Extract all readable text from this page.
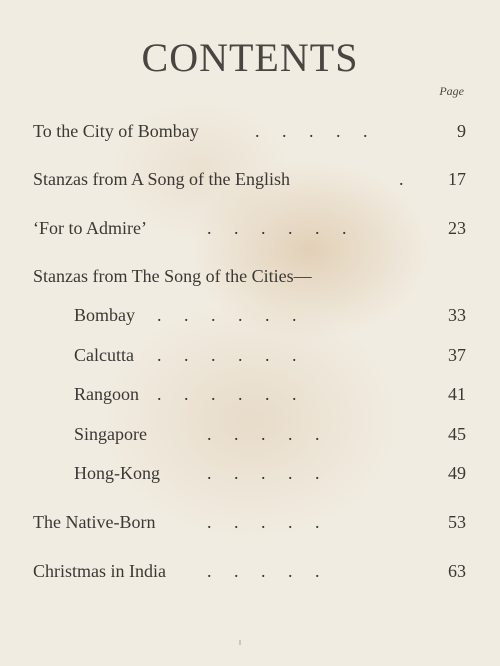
CONTENTS
Page
To the City of Bombay	.     .     .     .     .	9
Stanzas from A Song of the English	.	17
‘For to Admire’	.     .     .     .     .     .	23
Stanzas from The Song of the Cities—
Bombay .     .     .     .     .     .	33
Calcutta .     .     .     .     .     .	37
Rangoon .     .     .     .     .     .	41
Singapore	.     .     .     .     .	45
Hong-Kong	.     .     .     .     .	49
The Native-Born	.     .     .     .     .	53
Christmas in India .     .     .     .     .	63
